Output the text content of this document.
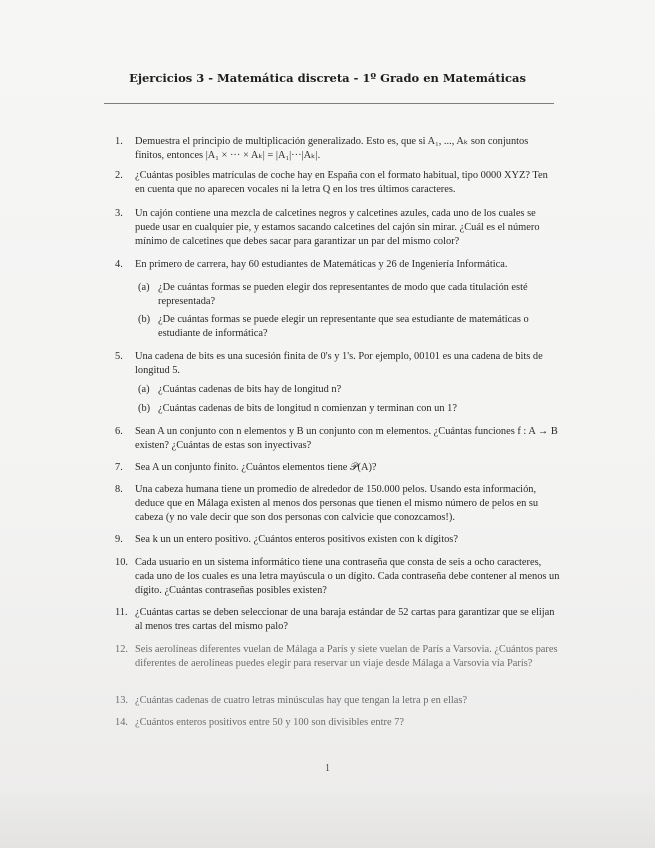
Ejercicios 3 - Matemática discreta - 1º Grado en Matemáticas
1.	Demuestra el principio de multiplicación generalizado. Esto es, que si A₁, ..., Aₖ son conjuntos finitos, entonces |A₁ × ··· × Aₖ| = |A₁|···|Aₖ|.
2.	¿Cuántas posibles matrículas de coche hay en España con el formato habitual, tipo 0000 XYZ? Ten en cuenta que no aparecen vocales ni la letra Q en los tres últimos caracteres.
3.	Un cajón contiene una mezcla de calcetines negros y calcetines azules, cada uno de los cuales se puede usar en cualquier pie, y estamos sacando calcetines del cajón sin mirar. ¿Cuál es el número mínimo de calcetines que debes sacar para garantizar un par del mismo color?
4.	En primero de carrera, hay 60 estudiantes de Matemáticas y 26 de Ingeniería Informática.
(a) ¿De cuántas formas se pueden elegir dos representantes de modo que cada titulación esté representada?
(b) ¿De cuántas formas se puede elegir un representante que sea estudiante de matemáticas o estudiante de informática?
5.	Una cadena de bits es una sucesión finita de 0's y 1's. Por ejemplo, 00101 es una cadena de bits de longitud 5.
(a) ¿Cuántas cadenas de bits hay de longitud n?
(b) ¿Cuántas cadenas de bits de longitud n comienzan y terminan con un 1?
6.	Sean A un conjunto con n elementos y B un conjunto con m elementos. ¿Cuántas funciones f : A → B existen? ¿Cuántas de estas son inyectivas?
7.	Sea A un conjunto finito. ¿Cuántos elementos tiene 𝒫(A)?
8.	Una cabeza humana tiene un promedio de alrededor de 150.000 pelos. Usando esta información, deduce que en Málaga existen al menos dos personas que tienen el mismo número de pelos en su cabeza (y no vale decir que son dos personas con calvicie que conozcamos!).
9.	Sea k un un entero positivo. ¿Cuántos enteros positivos existen con k dígitos?
10. Cada usuario en un sistema informático tiene una contraseña que consta de seis a ocho caracteres, cada uno de los cuales es una letra mayúscula o un dígito. Cada contraseña debe contener al menos un dígito. ¿Cuántas contraseñas posibles existen?
11. ¿Cuántas cartas se deben seleccionar de una baraja estándar de 52 cartas para garantizar que se elijan al menos tres cartas del mismo palo?
12. Seis aerolíneas diferentes vuelan de Málaga a París y siete vuelan de París a Varsovia. ¿Cuántos pares diferentes de aerolíneas puedes elegir para reservar un viaje desde Málaga a Varsovia vía París?
13. ¿Cuántas cadenas de cuatro letras minúsculas hay que tengan la letra p en ellas?
14. ¿Cuántos enteros positivos entre 50 y 100 son divisibles entre 7?
1
